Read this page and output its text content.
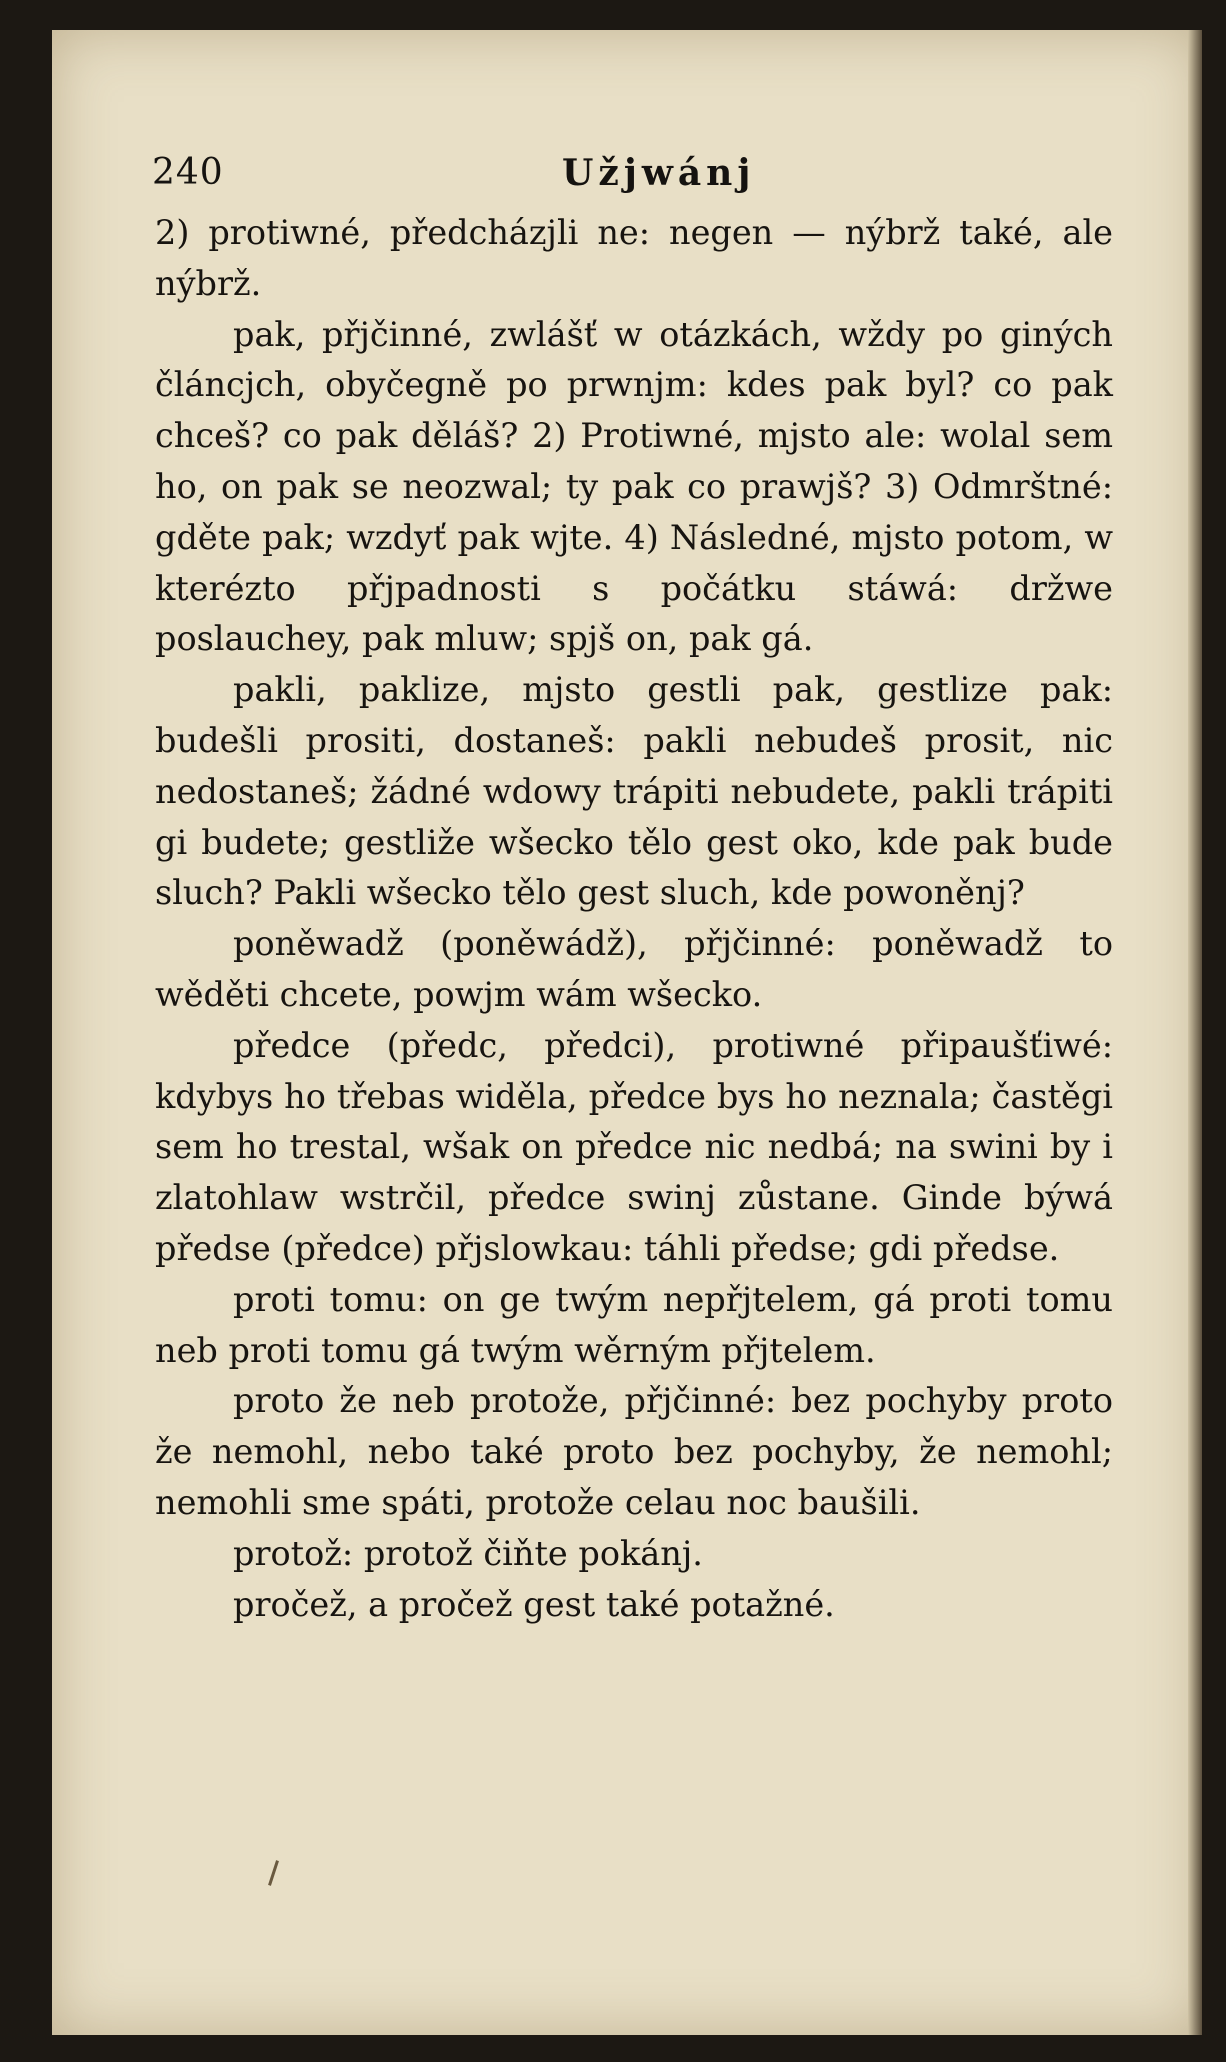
240	Užjwánj

2) protiwné, předcházjli ne: negen — nýbrž také, ale nýbrž.

pak, přjčinné, zwlášť w otázkách, wždy po giných článcjch, obyčegně po prwnjm: kdes pak byl? co pak chceš? co pak děláš? 2) Protiwné, mjsto ale: wolal sem ho, on pak se neozwal; ty pak co prawjš? 3) Odmrštné: gděte pak; wzdyť pak wjte. 4) Následné, mjsto potom, w kterézto přjpadnosti s počátku stáwá: držwe poslauchey, pak mluw; spjš on, pak gá.

pakli, paklize, mjsto gestli pak, gestlize pak: budešli prositi, dostaneš: pakli nebudeš prosit, nic nedostaneš; žádné wdowy trápiti nebudete, pakli trápiti gi budete; gestliže wšecko tělo gest oko, kde pak bude sluch? Pakli wšecko tělo gest sluch, kde powoněnj?

poněwadž (poněwádž), přjčinné: poněwadž to wěděti chcete, powjm wám wšecko.

předce (předc, předci), protiwné připaušťiwé: kdybys ho třebas widěla, předce bys ho neznala; častěgi sem ho trestal, wšak on předce nic nedbá; na swini by i zlatohlaw wstrčil, předce swinj zůstane. Ginde býwá předse (předce) přjslowkau: táhli předse; gdi předse.

proti tomu: on ge twým nepřjtelem, gá proti tomu neb proti tomu gá twým wěrným přjtelem.

proto že neb protože, přjčinné: bez pochyby proto že nemohl, nebo také proto bez pochyby, že nemohl; nemohli sme spáti, protože celau noc baušili.

protož: protož čiňte pokánj.

pročež, a pročež gest také potažné.
